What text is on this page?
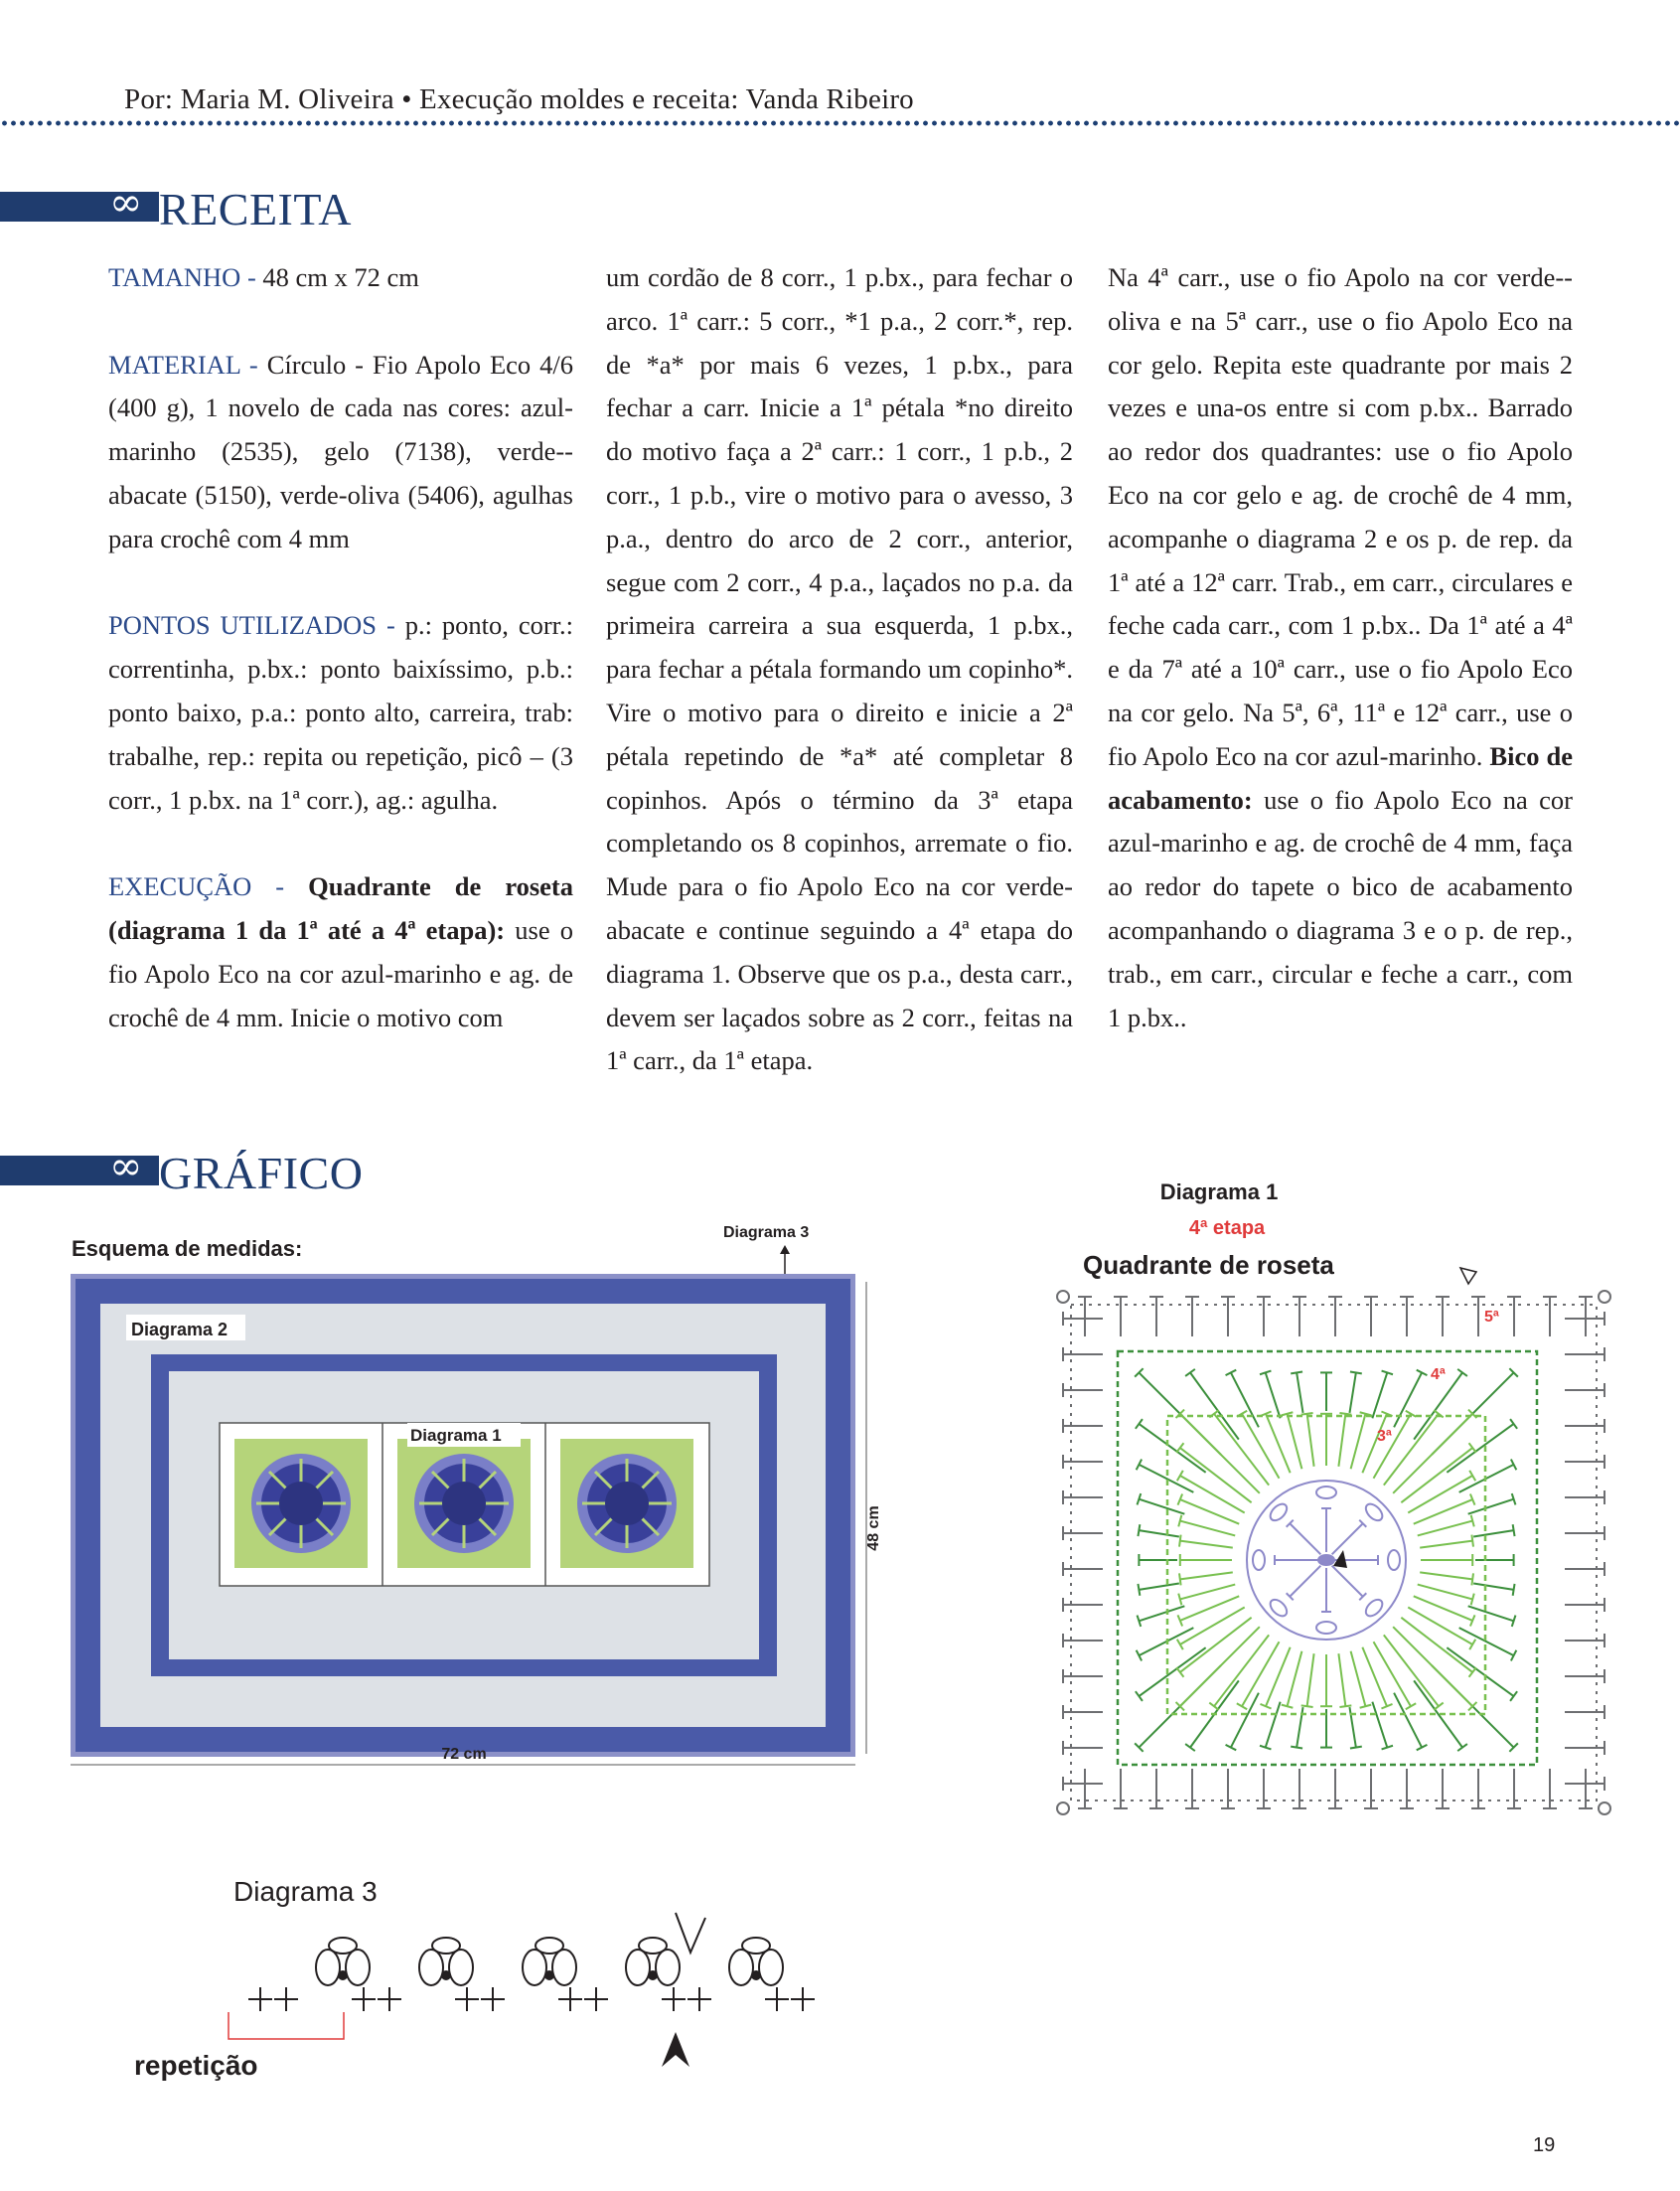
Por: Maria M. Oliveira • Execução moldes e receita: Vanda Ribeiro
∞ RECEITA

TAMANHO - 48 cm x 72 cm

MATERIAL - Círculo - Fio Apolo Eco 4/6 (400 g), 1 novelo de cada nas cores: azul-marinho (2535), gelo (7138), verde--abacate (5150), verde-oliva (5406), agulhas para crochê com 4 mm

PONTOS UTILIZADOS - p.: ponto, corr.: correntinha, p.bx.: ponto baixíssimo, p.b.: ponto baixo, p.a.: ponto alto, carreira, trab: trabalhe, rep.: repita ou repetição, picô – (3 corr., 1 p.bx. na 1ª corr.), ag.: agulha.

EXECUÇÃO - Quadrante de roseta (diagrama 1 da 1ª até a 4ª etapa): use o fio Apolo Eco na cor azul-marinho e ag. de crochê de 4 mm. Inicie o motivo com

um cordão de 8 corr., 1 p.bx., para fechar o arco. 1ª carr.: 5 corr., *1 p.a., 2 corr.*, rep. de *a* por mais 6 vezes, 1 p.bx., para fechar a carr. Inicie a 1ª pétala *no direito do motivo faça a 2ª carr.: 1 corr., 1 p.b., 2 corr., 1 p.b., vire o motivo para o avesso, 3 p.a., dentro do arco de 2 corr., anterior, segue com 2 corr., 4 p.a., laçados no p.a. da primeira carreira a sua esquerda, 1 p.bx., para fechar a pétala formando um copinho*. Vire o motivo para o direito e inicie a 2ª pétala repetindo de *a* até completar 8 copinhos. Após o término da 3ª etapa completando os 8 copinhos, arremate o fio. Mude para o fio Apolo Eco na cor verde-abacate e continue seguindo a 4ª etapa do diagrama 1. Observe que os p.a., desta carr., devem ser laçados sobre as 2 corr., feitas na 1ª carr., da 1ª etapa.

Na 4ª carr., use o fio Apolo na cor verde--oliva e na 5ª carr., use o fio Apolo Eco na cor gelo. Repita este quadrante por mais 2 vezes e una-os entre si com p.bx.. Barrado ao redor dos quadrantes: use o fio Apolo Eco na cor gelo e ag. de crochê de 4 mm, acompanhe o diagrama 2 e os p. de rep. da 1ª até a 12ª carr. Trab., em carr., circulares e feche cada carr., com 1 p.bx.. Da 1ª até a 4ª e da 7ª até a 10ª carr., use o fio Apolo Eco na cor gelo. Na 5ª, 6ª, 11ª e 12ª carr., use o fio Apolo Eco na cor azul-marinho. Bico de acabamento: use o fio Apolo Eco na cor azul-marinho e ag. de crochê de 4 mm, faça ao redor do tapete o bico de acabamento acompanhando o diagrama 3 e o p. de rep., trab., em carr., circular e feche a carr., com 1 p.bx..

∞ GRÁFICO
Esquema de medidas:
Diagrama 2
Diagrama 1
Diagrama 3
48 cm
72 cm
Diagrama 1
4ª etapa
Quadrante de roseta
5ª
4ª
3ª
Diagrama 3
repetição
19
